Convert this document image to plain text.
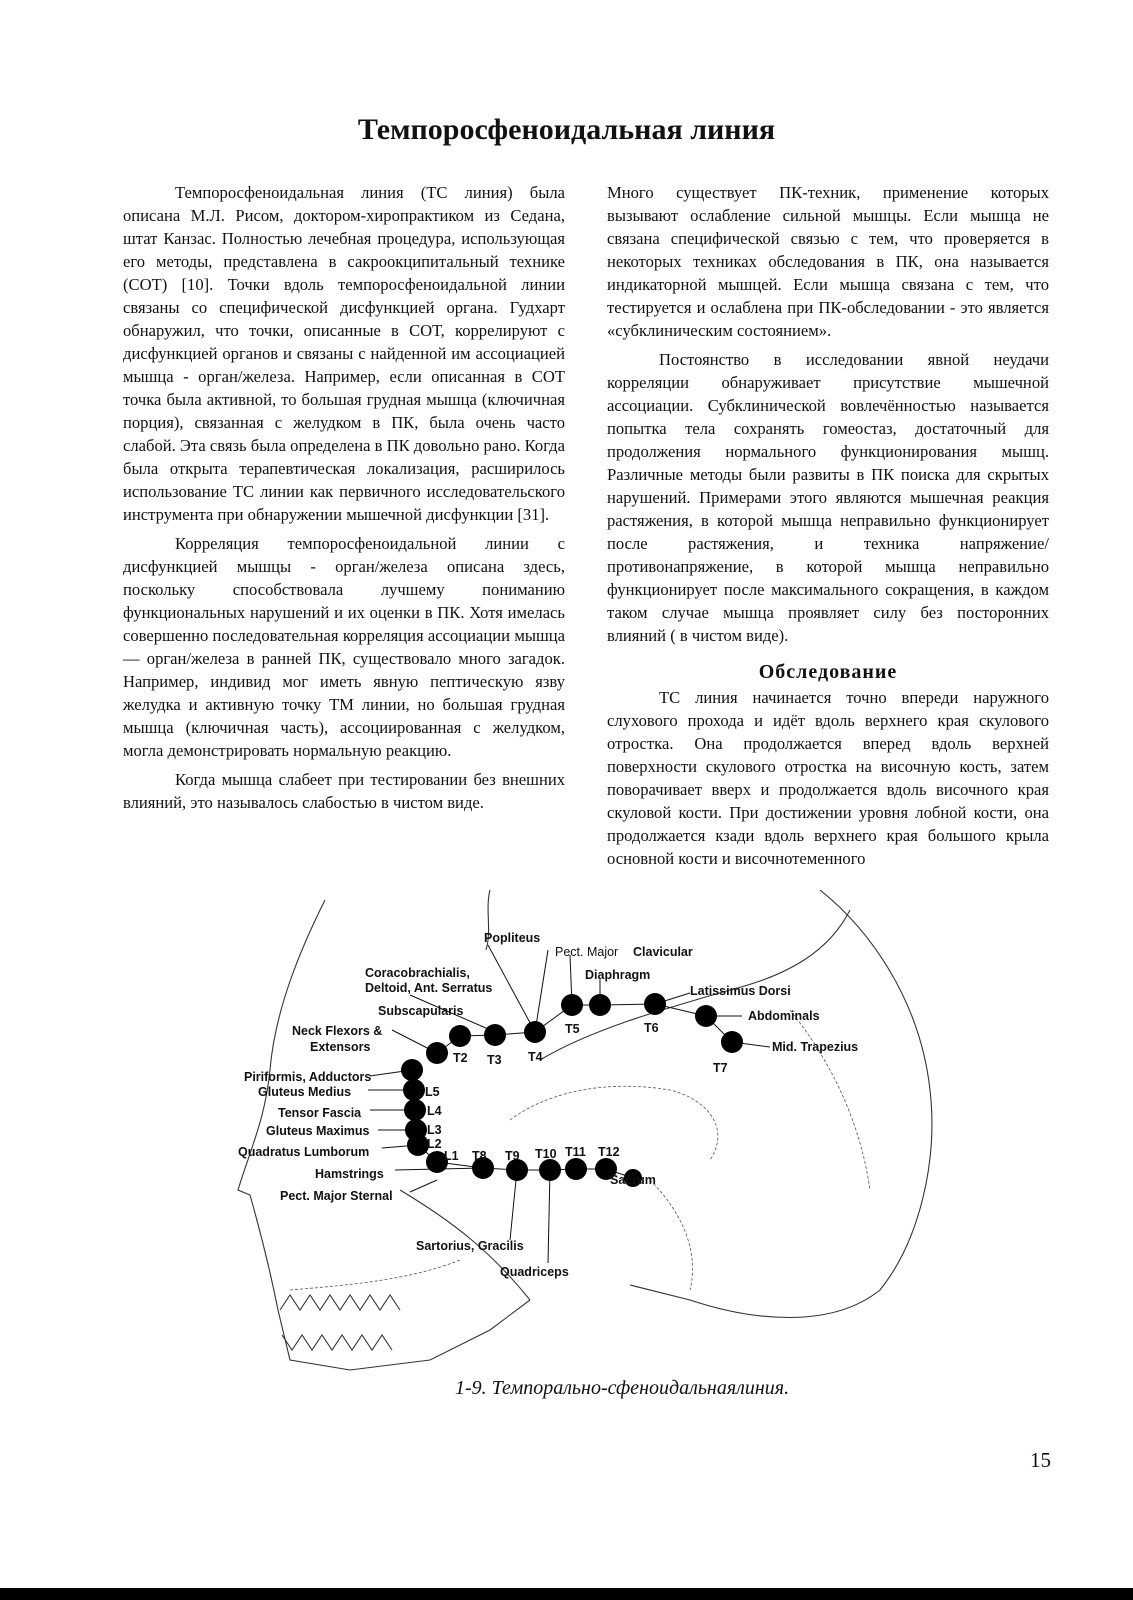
Темпоросфеноидальная линия

Темпоросфеноидальная линия (ТС линия) была описана М.Л. Рисом, доктором-хиропрактиком из Седана, штат Канзас. Полностью лечебная процедура, использующая его методы, представлена в сакроокципитальный технике (СОТ) [10]. Точки вдоль темпоросфеноидальной линии связаны со специфической дисфункцией органа. Гудхарт обнаружил, что точки, описанные в СОТ, коррелируют с дисфункцией органов и связаны с найденной им ассоциацией мышца - орган/железа. Например, если описанная в СОТ точка была активной, то большая грудная мышца (ключичная порция), связанная с желудком в ПК, была очень часто слабой. Эта связь была определена в ПК довольно рано. Когда была открыта терапевтическая локализация, расширилось использование ТС линии как первичного исследовательского инструмента при обнаружении мышечной дисфункции [31].

Корреляция темпоросфеноидальной линии с дисфункцией мышцы - орган/железа описана здесь, поскольку способствовала лучшему пониманию функциональных нарушений и их оценки в ПК. Хотя имелась совершенно последовательная корреляция ассоциации мышца — орган/железа в ранней ПК, существовало много загадок. Например, индивид мог иметь явную пептическую язву желудка и активную точку ТМ линии, но большая грудная мышца (ключичная часть), ассоциированная с желудком, могла демонстрировать нормальную реакцию.

Когда мышца слабеет при тестировании без внешних влияний, это называлось слабостью в чистом виде.

Много существует ПК-техник, применение которых вызывают ослабление сильной мышцы. Если мышца не связана специфической связью с тем, что проверяется в некоторых техниках обследования в ПК, она называется индикаторной мышцей. Если мышца связана с тем, что тестируется и ослаблена при ПК-обследовании - это является «субклиническим состоянием».

Постоянство в исследовании явной неудачи корреляции обнаруживает присутствие мышечной ассоциации. Субклинической вовлечённостью называется попытка тела сохранять гомеостаз, достаточный для продолжения нормального функционирования мышц. Различные методы были развиты в ПК поиска для скрытых нарушений. Примерами этого являются мышечная реакция растяжения, в которой мышца неправильно функционирует после растяжения, и техника напряжение/противонапряжение, в которой мышца неправильно функционирует после максимального сокращения, в каждом таком случае мышца проявляет силу без посторонних влияний ( в чистом виде).

Обследование

ТС линия начинается точно впереди наружного слухового прохода и идёт вдоль верхнего края скулового отростка. Она продолжается вперед вдоль верхней поверхности скулового отростка на височную кость, затем поворачивает вверх и продолжается вдоль височного края скуловой кости. При достижении уровня лобной кости, она продолжается кзади вдоль верхнего края большого крыла основной кости и височнотеменного

T2 T3 T4
T5	T6
T7
L5
L4
L3
L2
L1 T8 T9 T10 T11 T12
Sacrum
Popliteus
Pect. Major Clavicular
Coracobrachialis,
Deltoid, Ant. Serratus
Diaphragm
Latissimus Dorsi
Subscapularis	Abdominals
Neck Flexors &
Extensors	Mid. Trapezius
Piriformis, Adductors
Gluteus Medius
Tensor Fascia
Gluteus Maximus
Quadratus Lumborum
Hamstrings
Pect. Major Sternal
Sartorius, Gracilis
Quadriceps
1-9. Темпорально-сфеноидальнаялиния.
15
